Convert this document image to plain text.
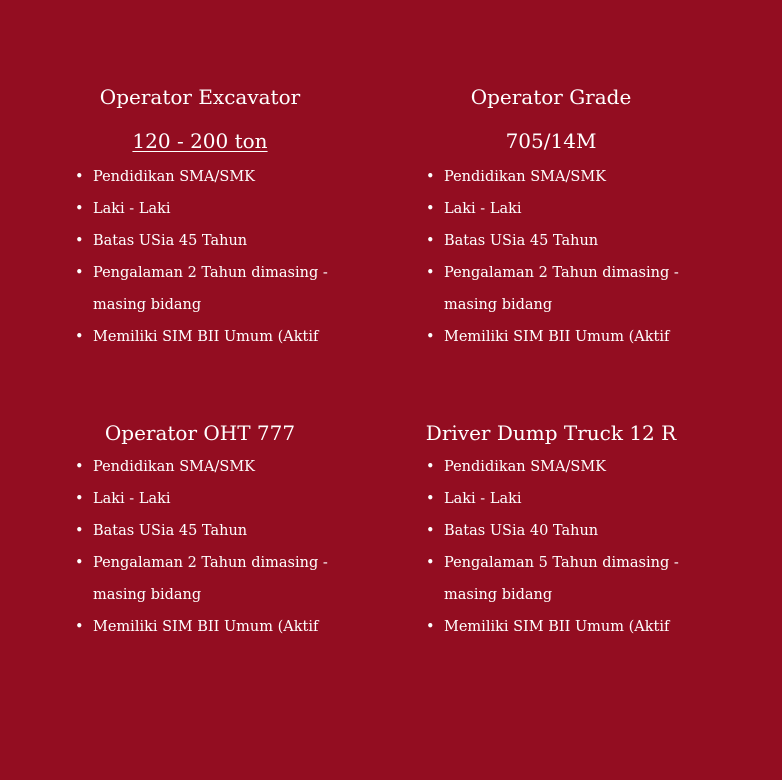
Operator Excavator
120 - 200 ton
• Pendidikan SMA/SMK
• Laki - Laki
• Batas USia 45 Tahun
• Pengalaman 2 Tahun dimasing -
masing bidang
• Memiliki SIM BII Umum (Aktif
Operator Grade
705/14M
• Pendidikan SMA/SMK
• Laki - Laki
• Batas USia 45 Tahun
• Pengalaman 2 Tahun dimasing -
masing bidang
• Memiliki SIM BII Umum (Aktif
Operator OHT 777
• Pendidikan SMA/SMK
• Laki - Laki
• Batas USia 45 Tahun
• Pengalaman 2 Tahun dimasing -
masing bidang
• Memiliki SIM BII Umum (Aktif
Driver Dump Truck 12 R
• Pendidikan SMA/SMK
• Laki - Laki
• Batas USia 40 Tahun
• Pengalaman 5 Tahun dimasing -
masing bidang
• Memiliki SIM BII Umum (Aktif
